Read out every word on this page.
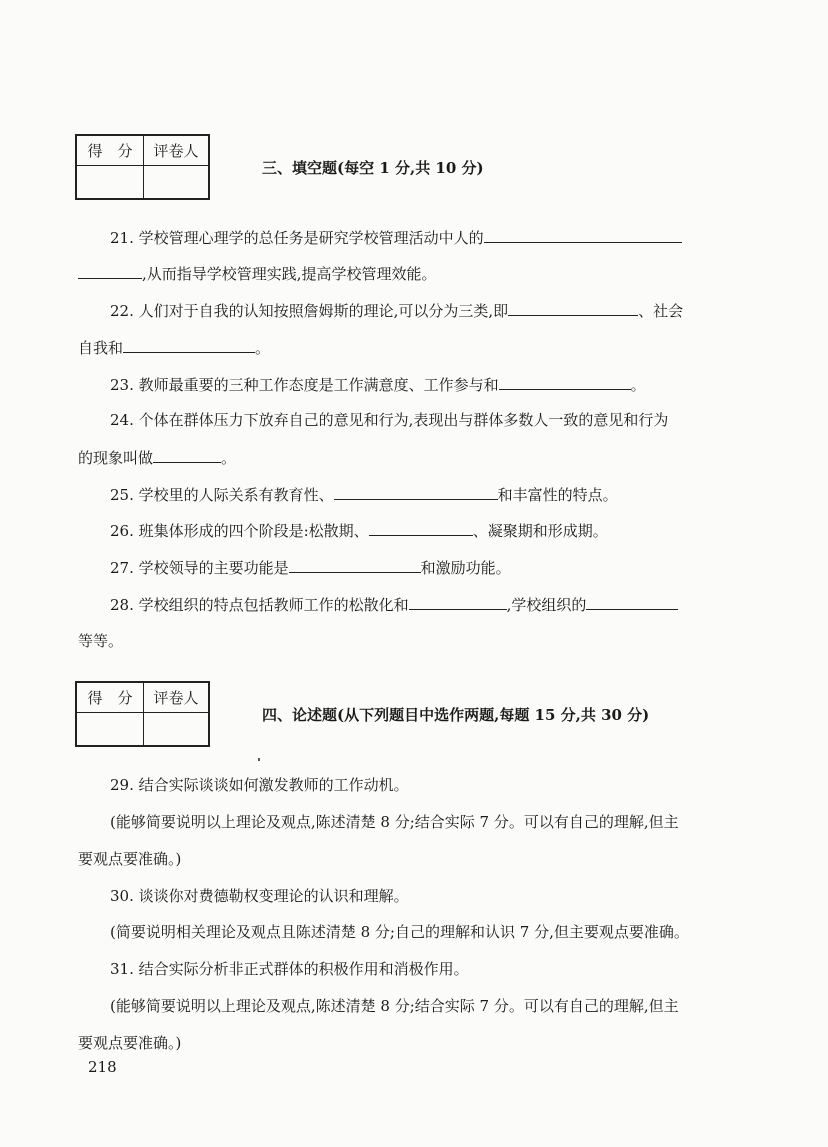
得　分	评卷人
三、填空题(每空 1 分,共 10 分)
21. 学校管理心理学的总任务是研究学校管理活动中人的
,从而指导学校管理实践,提高学校管理效能。
22. 人们对于自我的认知按照詹姆斯的理论,可以分为三类,即	、社会
自我和	。
23. 教师最重要的三种工作态度是工作满意度、工作参与和	。
24. 个体在群体压力下放弃自己的意见和行为,表现出与群体多数人一致的意见和行为
的现象叫做	。
25. 学校里的人际关系有教育性、	和丰富性的特点。
26. 班集体形成的四个阶段是:松散期、	、凝聚期和形成期。
27. 学校领导的主要功能是	和激励功能。
28. 学校组织的特点包括教师工作的松散化和	,学校组织的
等等。
得　分	评卷人
四、论述题(从下列题目中选作两题,每题 15 分,共 30 分)
29. 结合实际谈谈如何激发教师的工作动机。
(能够简要说明以上理论及观点,陈述清楚 8 分;结合实际 7 分。可以有自己的理解,但主
要观点要准确。)
30. 谈谈你对费德勒权变理论的认识和理解。
(简要说明相关理论及观点且陈述清楚 8 分;自己的理解和认识 7 分,但主要观点要准确。
31. 结合实际分析非正式群体的积极作用和消极作用。
(能够简要说明以上理论及观点,陈述清楚 8 分;结合实际 7 分。可以有自己的理解,但主
要观点要准确。)
218
